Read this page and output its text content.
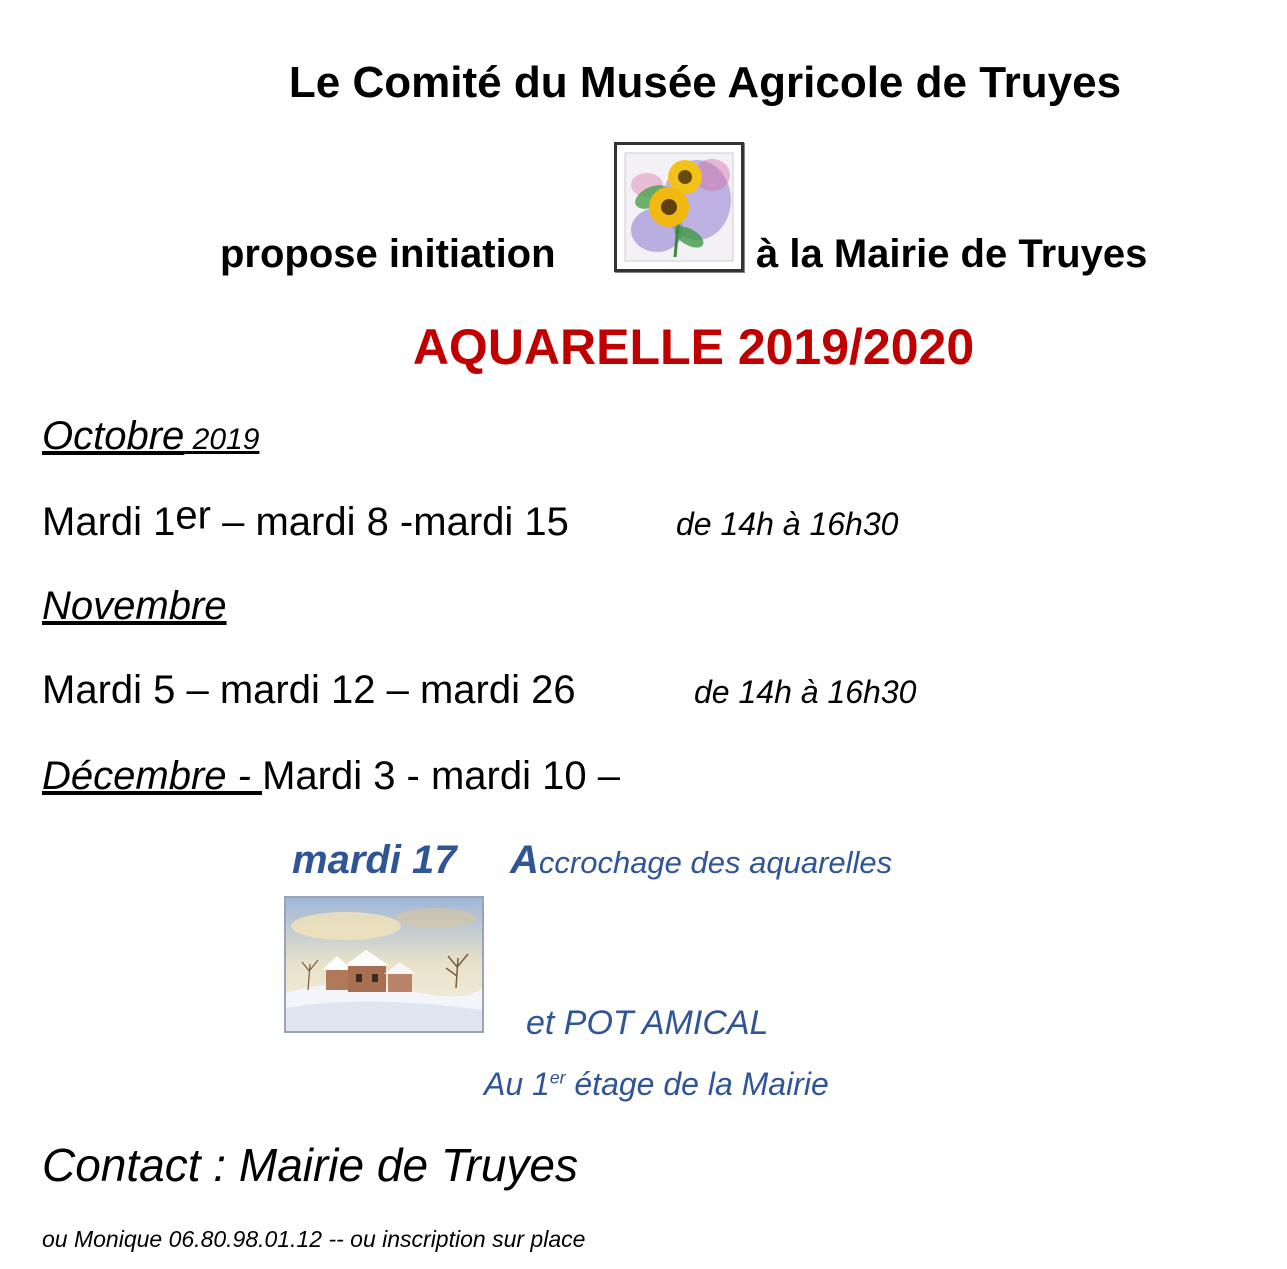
Le Comité du Musée Agricole de Truyes
propose initiation	à la Mairie de Truyes
AQUARELLE 2019/2020
Octobre 2019
Mardi 1er – mardi 8 -mardi 15	de 14h à 16h30
Novembre
Mardi 5 – mardi 12 – mardi 26	de 14h à 16h30
Décembre - Mardi 3 - mardi 10 –
mardi 17 Accrochage des aquarelles
et POT AMICAL
Au 1er étage de la Mairie
Contact : Mairie de Truyes
ou Monique 06.80.98.01.12 -- ou inscription sur place
